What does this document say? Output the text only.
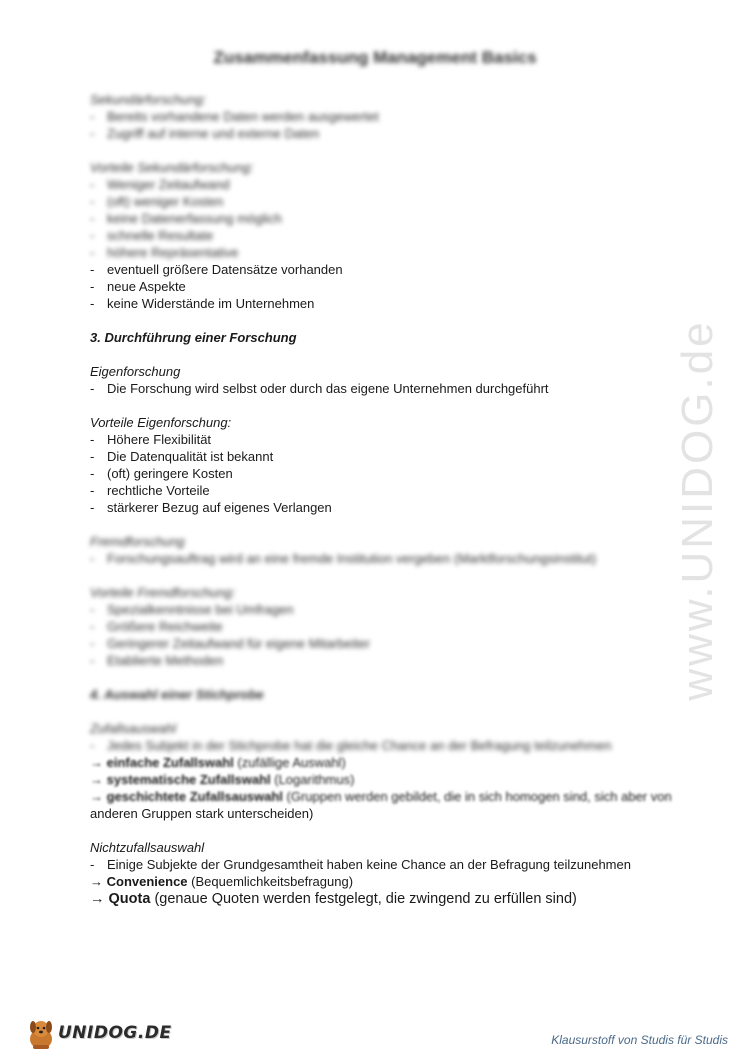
Zusammenfassung Management Basics
Sekundärforschung:
- Bereits vorhandene Daten werden ausgewertet
- Zugriff auf interne und externe Daten
Vorteile Sekundärforschung:
- Weniger Zeitaufwand
- (oft) weniger Kosten
- keine Datenerfassung möglich
- schnelle Resultate
- höhere Repräsentative
- eventuell größere Datensätze vorhanden
- neue Aspekte
- keine Widerstände im Unternehmen
3. Durchführung einer Forschung
Eigenforschung
- Die Forschung wird selbst oder durch das eigene Unternehmen durchgeführt
Vorteile Eigenforschung:
- Höhere Flexibilität
- Die Datenqualität ist bekannt
- (oft) geringere Kosten
- rechtliche Vorteile
- stärkerer Bezug auf eigenes Verlangen
Fremdforschung
- Forschungsauftrag wird an eine fremde Institution vergeben (Marktforschungsinstitut)
Vorteile Fremdforschung:
- Spezialkenntnisse bei Umfragen
- Größere Reichweite
- Geringerer Zeitaufwand für eigene Mitarbeiter
- Etablierte Methoden
4. Auswahl einer Stichprobe
Zufallsauswahl
- Jedes Subjekt in der Stichprobe hat die gleiche Chance an der Befragung teilzunehmen
→ einfache Zufallswahl (zufällige Auswahl)
→ systematische Zufallswahl (Logarithmus)
→ geschichtete Zufallsauswahl (Gruppen werden gebildet, die in sich homogen sind, sich aber von
anderen Gruppen stark unterscheiden)
Nichtzufallsauswahl
- Einige Subjekte der Grundgesamtheit haben keine Chance an der Befragung teilzunehmen
→ Convenience (Bequemlichkeitsbefragung)
→ Quota (genaue Quoten werden festgelegt, die zwingend zu erfüllen sind)
www.UNIDOG.de
UNIDOG.DE	Klausurstoff von Studis für Studis
